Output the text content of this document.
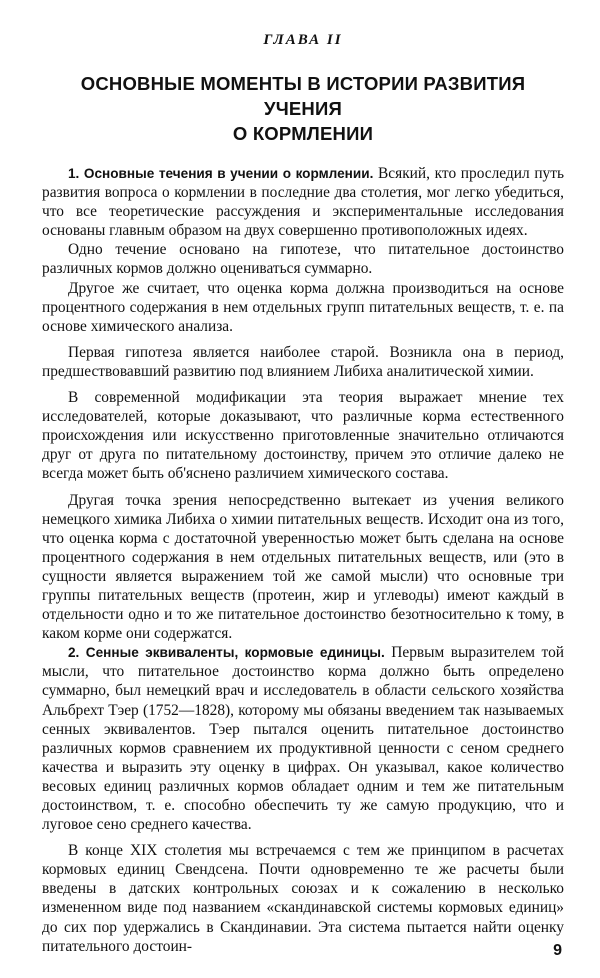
ГЛАВА II
ОСНОВНЫЕ МОМЕНТЫ В ИСТОРИИ РАЗВИТИЯ УЧЕНИЯ
О КОРМЛЕНИИ

1. Основные течения в учении о кормлении. Всякий, кто проследил путь развития вопроса о кормлении в последние два столетия, мог легко убедиться, что все теоретические рассуждения и экспериментальные исследования основаны главным образом на двух совершенно противоположных идеях.

Одно течение основано на гипотезе, что питательное достоинство различных кормов должно оцениваться суммарно.

Другое же считает, что оценка корма должна производиться на основе процентного содержания в нем отдельных групп питательных веществ, т. е. па основе химического анализа.

Первая гипотеза является наиболее старой. Возникла она в период, предшествовавший развитию под влиянием Либиха аналитической химии.

В современной модификации эта теория выражает мнение тех исследователей, которые доказывают, что различные корма естественного происхождения или искусственно приготовленные значительно отличаются друг от друга по питательному достоинству, причем это отличие далеко не всегда может быть об'яснено различием химического состава.

Другая точка зрения непосредственно вытекает из учения великого немецкого химика Либиха о химии питательных веществ. Исходит она из того, что оценка корма с достаточной уверенностью может быть сделана на основе процентного содержания в нем отдельных питательных веществ, или (это в сущности является выражением той же самой мысли) что основные три группы питательных веществ (протеин, жир и углеводы) имеют каждый в отдельности одно и то же питательное достоинство безотносительно к тому, в каком корме они содержатся.

2. Сенные эквиваленты, кормовые единицы. Первым выразителем той мысли, что питательное достоинство корма должно быть определено суммарно, был немецкий врач и исследователь в области сельского хозяйства Альбрехт Тэер (1752—1828), которому мы обязаны введением так называемых сенных эквивалентов. Тэер пытался оценить питательное достоинство различных кормов сравнением их продуктивной ценности с сеном среднего качества и выразить эту оценку в цифрах. Он указывал, какое количество весовых единиц различных кормов обладает одним и тем же питательным достоинством, т. е. способно обеспечить ту же самую продукцию, что и луговое сено среднего качества.

В конце XIX столетия мы встречаемся с тем же принципом в расчетах кормовых единиц Свендсена. Почти одновременно те же расчеты были введены в датских контрольных союзах и к сожалению в несколько измененном виде под названием «скандинавской системы кормовых единиц» до сих пор удержались в Скандинавии. Эта система пытается найти оценку питательного достоин-	9
